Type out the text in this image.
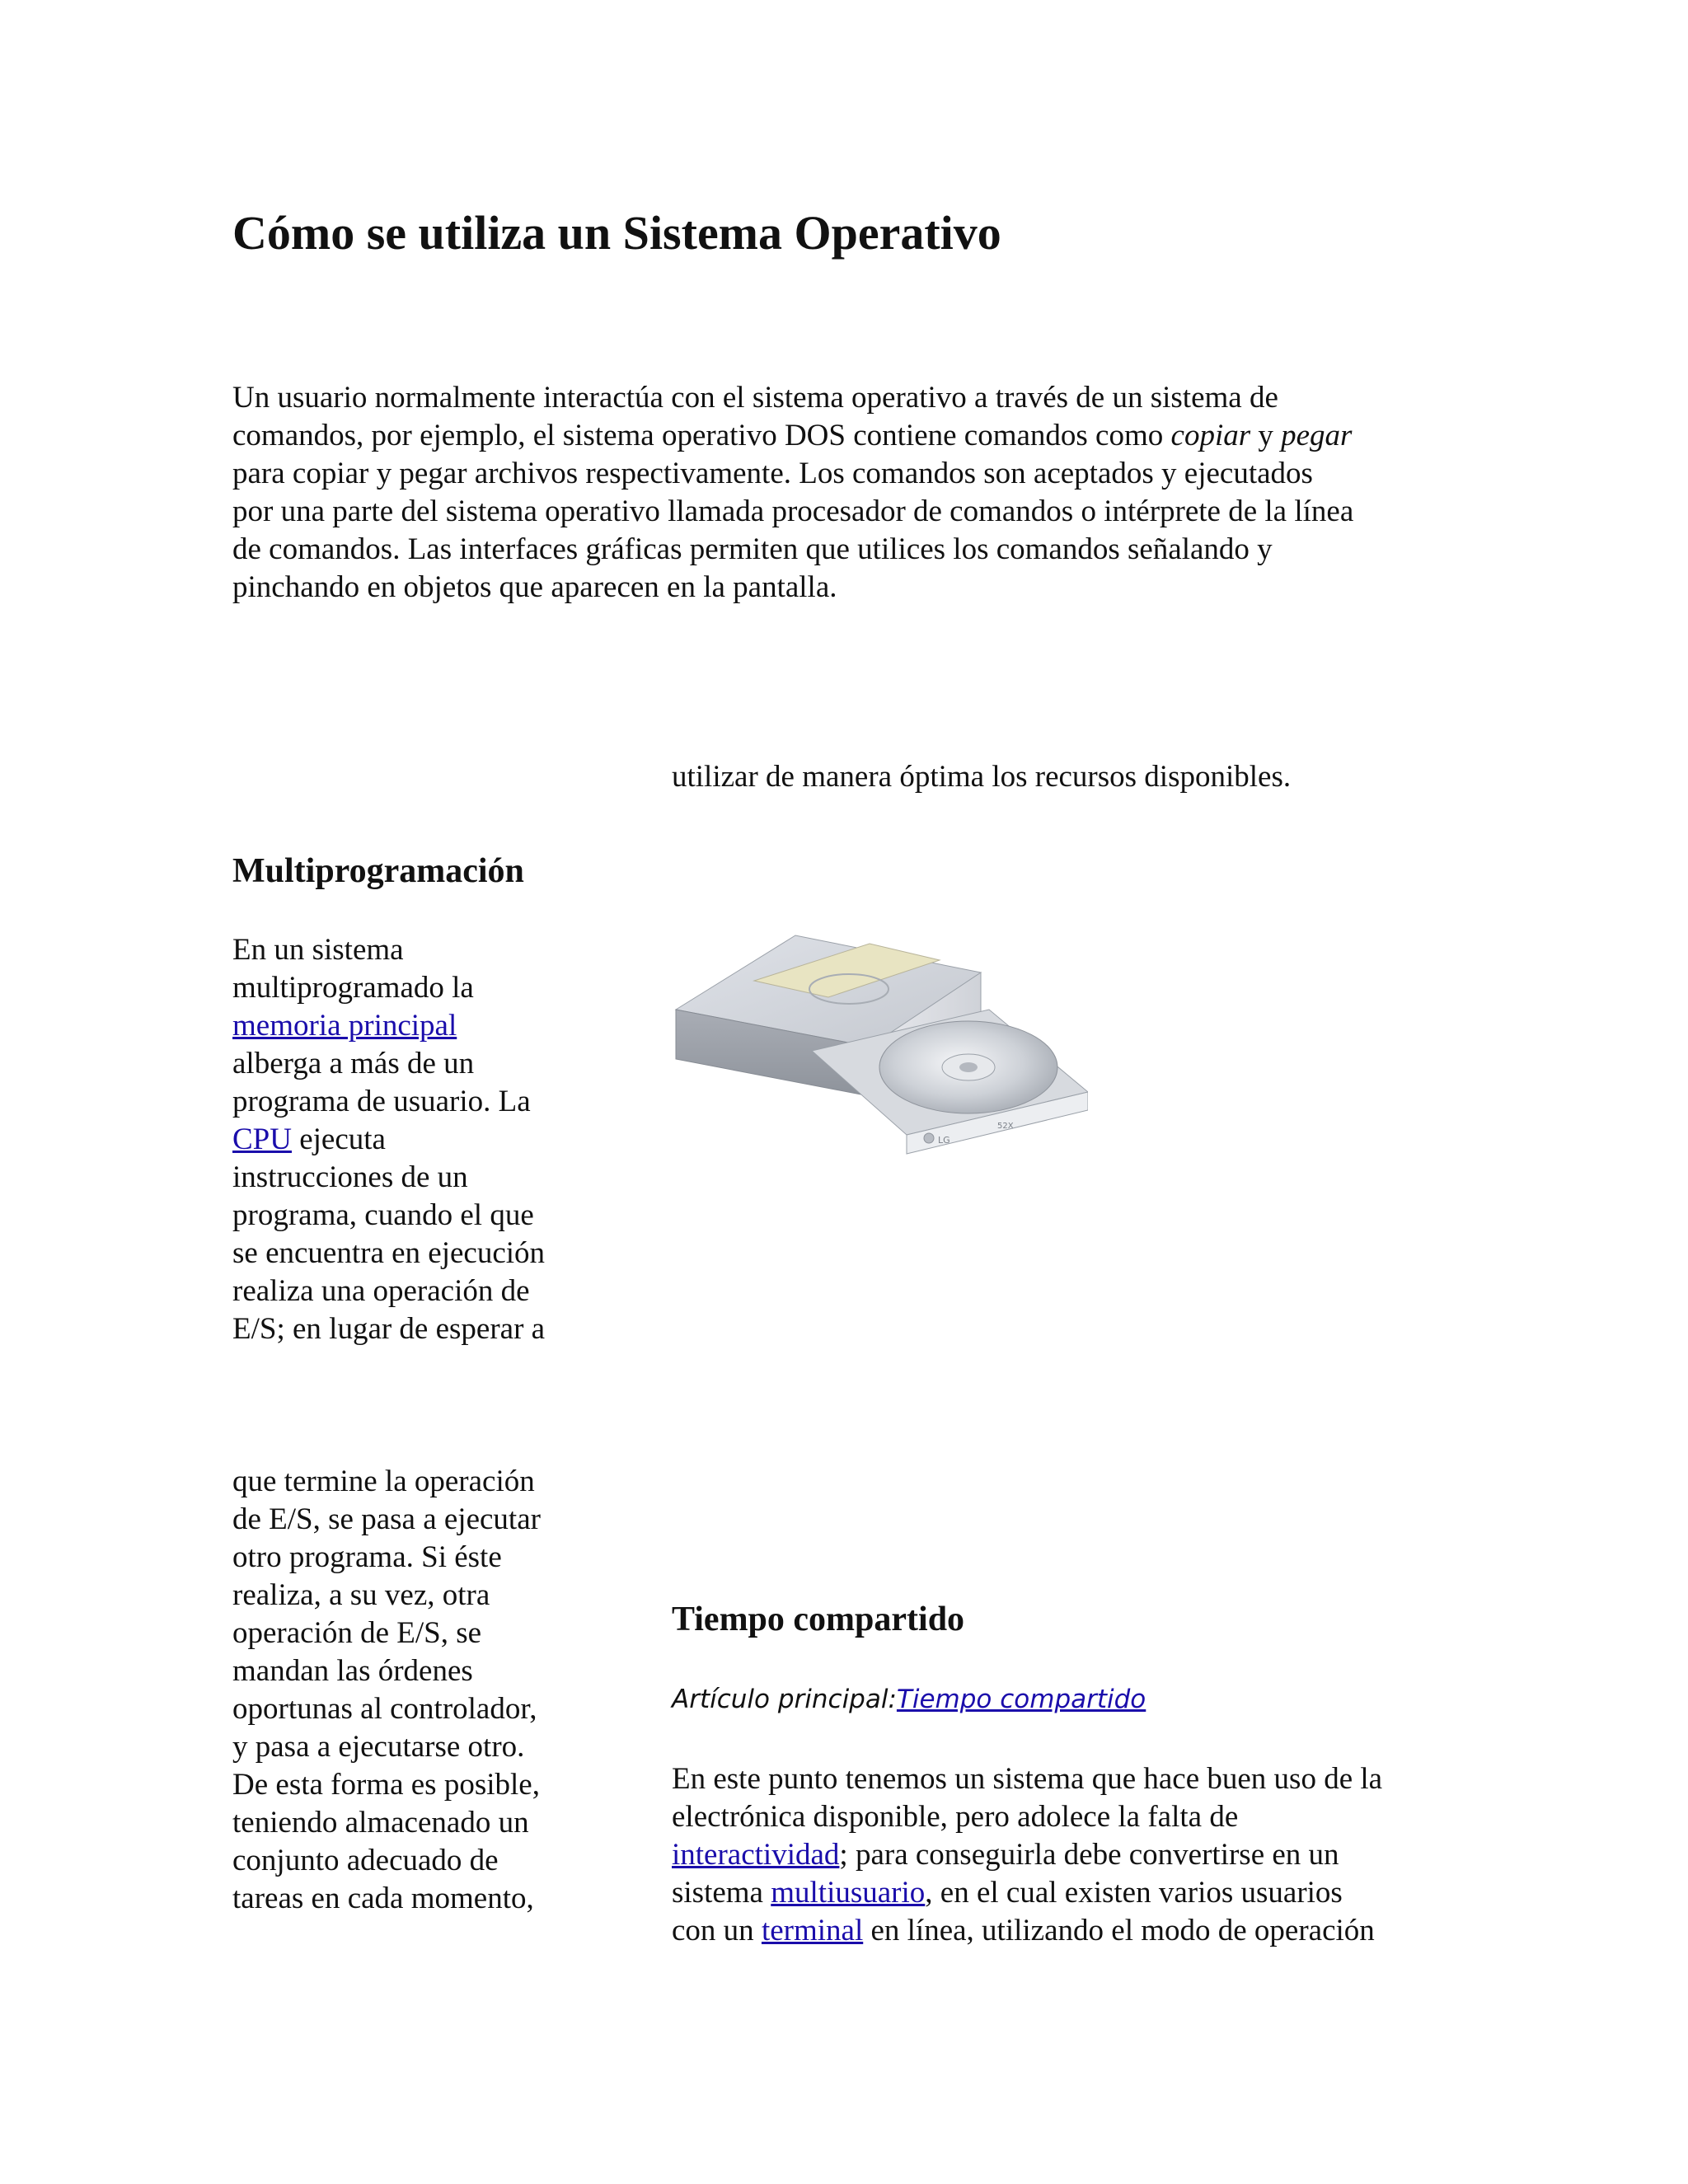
Cómo se utiliza un Sistema Operativo

Un usuario normalmente interactúa con el sistema operativo a través de un sistema de

comandos, por ejemplo, el sistema operativo DOS contiene comandos como copiar y pegar

para copiar y pegar archivos respectivamente. Los comandos son aceptados y ejecutados

por una parte del sistema operativo llamada procesador de comandos o intérprete de la línea

de comandos. Las interfaces gráficas permiten que utilices los comandos señalando y

pinchando en objetos que aparecen en la pantalla.

utilizar de manera óptima los recursos disponibles.
Multiprogramación
En un sistema
multiprogramado la
memoria principal
alberga a más de un
programa de usuario. La
CPU ejecuta
instrucciones de un
programa, cuando el que
se encuentra en ejecución
realiza una operación de
E/S; en lugar de esperar a
que termine la operación
de E/S, se pasa a ejecutar
otro programa. Si éste
realiza, a su vez, otra
operación de E/S, se
mandan las órdenes
oportunas al controlador,
y pasa a ejecutarse otro.
De esta forma es posible,
teniendo almacenado un
conjunto adecuado de
tareas en cada momento,
LG
52X
Tiempo compartido
Artículo principal:Tiempo compartido
En este punto tenemos un sistema que hace buen uso de la
electrónica disponible, pero adolece la falta de
interactividad; para conseguirla debe convertirse en un
sistema multiusuario, en el cual existen varios usuarios
con un terminal en línea, utilizando el modo de operación
